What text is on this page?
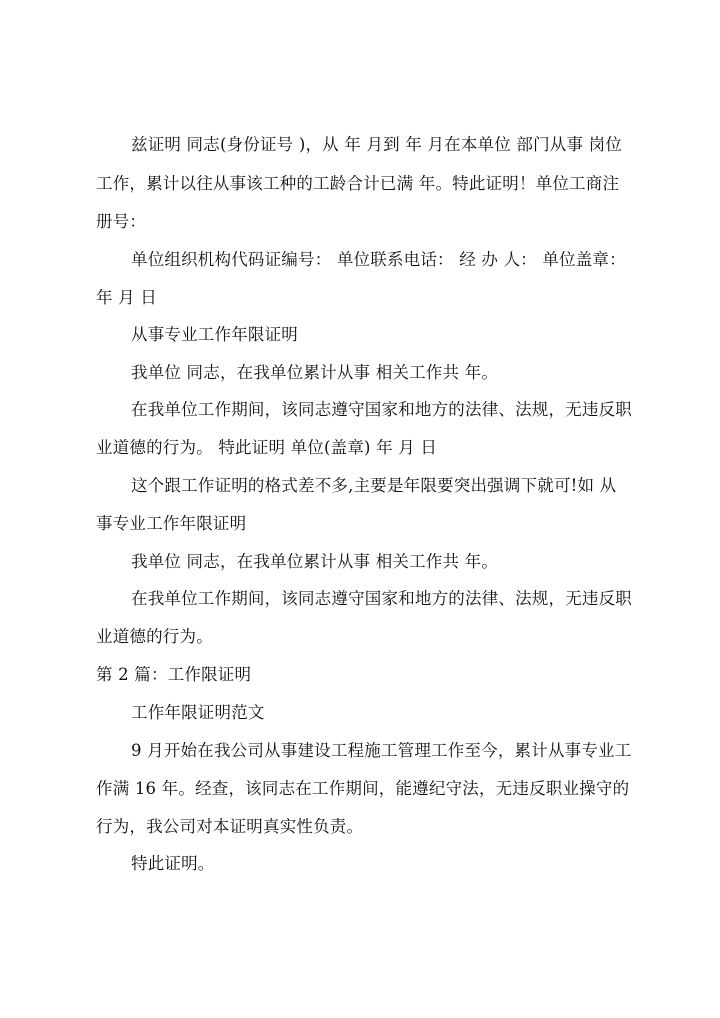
兹证明 同志(身份证号 )，从 年 月到 年 月在本单位 部门从事 岗位
工作，累计以往从事该工种的工龄合计已满 年。特此证明！单位工商注
册号：
单位组织机构代码证编号： 单位联系电话： 经 办 人： 单位盖章：
年 月 日
从事专业工作年限证明
我单位 同志，在我单位累计从事 相关工作共 年。
在我单位工作期间，该同志遵守国家和地方的法律、法规，无违反职
业道德的行为。 特此证明 单位(盖章) 年 月 日
这个跟工作证明的格式差不多,主要是年限要突出强调下就可!如 从
事专业工作年限证明
我单位 同志，在我单位累计从事 相关工作共 年。
在我单位工作期间，该同志遵守国家和地方的法律、法规，无违反职
业道德的行为。
第 2 篇：工作限证明
工作年限证明范文
9 月开始在我公司从事建设工程施工管理工作至今，累计从事专业工
作满 16 年。经查，该同志在工作期间，能遵纪守法，无违反职业操守的
行为，我公司对本证明真实性负责。
特此证明。
